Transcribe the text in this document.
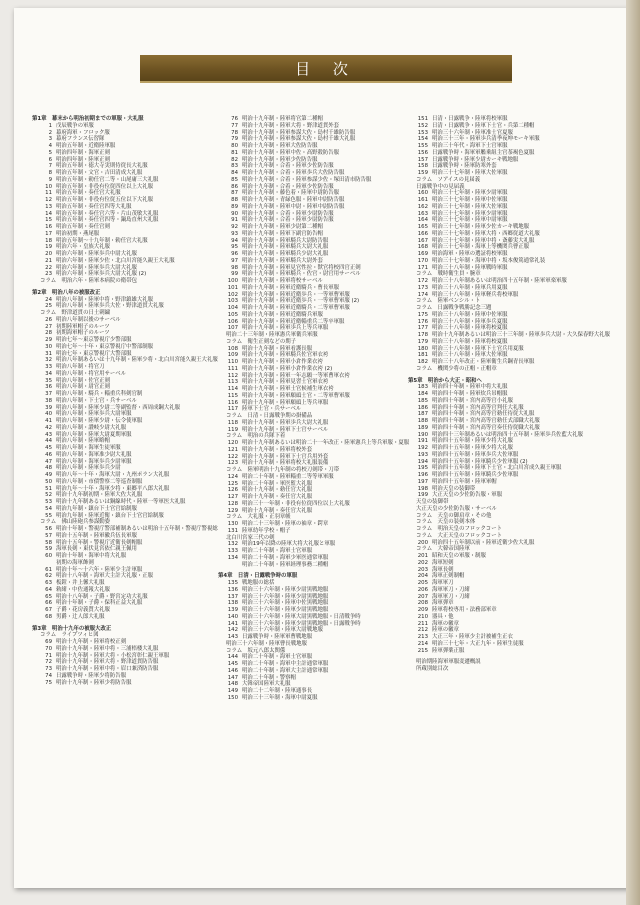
目 次
第1章　幕末から明治初期までの軍服・大礼服
1 戊辰戦争の軍服
2 幕府海軍・フロック服
3 幕府フランス伝習隊
4 明治五年制・近衛陸軍服
5 明治四年制・海軍正剣
6 明治四年制・陸軍正剣
7 明治五年制・徳大寺実則侍従長大礼服
8 明治五年制・文官・吉田清成大礼服
9 明治五年制・勅任官二等・山尾庸三大礼服
10 明治五年制・非役有位従四位以上大礼服
11 明治五年制・奏任官大礼服
12 明治五年制・非役有位従五位以下大礼服
13 明治五年制・奏任官四等大礼服
14 明治五年制・奏任官六等・片山茂敏大礼服
15 明治五年制・奏任官四等・鍋島直州大礼服
16 明治五年制・奏任官剣
17 明治初期・燕尾服
18 明治五年制～十九年制・勅任官大礼服
19 明治六年・皇族大礼服
20 明治六年制・陸軍歩兵中尉大礼服
21 明治六年制・陸軍少佐・北白川宮能久親王大礼服
22 明治六年制・陸軍歩兵大尉大礼服
23 明治六年制・陸軍歩兵大尉大礼服 (2)
コラム　明治六年・陸軍本病院の衛帯包
第2章　明治八年の被服改正
24 明治八年制・陸軍中将・野津鎮雄大礼服
25 明治八年制・陸軍歩兵大佐・野津道貫大礼服
コラム　野津道貫の日土刺繍
26 明治八年制以後のサーベル
27 初期陸軍帽子のルーツ
28 初期海軍帽子のルーツ
29 明治七年～東京警視庁少警部服
30 明治七年～十年・東京警視庁中警部制服
31 明治七年・東京警視庁大警部服
32 明治八年制あるいは十九年制・陸軍少将・北白川宮能久親王大礼服
33 明治八年制・将官刀
34 明治八年制・将官用サーベル
35 明治八年制・佐官正剣
36 明治八年制・尉官正剣
37 明治八年制・騎兵・輜重兵科剣官制
38 明治八年制・下士官・兵サーベル
39 明治八年制・陸軍少尉二等副監督・西周成鋼大礼服
40 明治八年制・陸軍歩兵大尉軍服
41 明治八年制・陸軍少尉・伝令使軍服
42 明治八年制・讃岐少尉大礼服
43 明治八年制・陸軍大尉夏期軍服
44 明治八年制・陸軍略帽
45 明治八年制・海軍生徒軍服
46 明治八年制・海軍准少尉大礼服
47 明治八年制・海軍歩兵少尉軍服
48 明治八年制・陸軍歩兵少尉
49 明治八年～十年・海軍大尉・九州ポラン大礼服
50 明治八年制・市債警察二等巡査制服
51 明治九年～十年・海軍少将・東郷平八郎大礼服
52 明治十九年制初期・陸軍大佐大礼服
53 明治十九年制あるいは銅線時代・陸軍一等軍医大礼服
54 明治九年制・鎮台下士官官給制服
55 明治九年制・陸軍近衛・鎮台下士官官給制服
コラム　佛山陸砲兵参謀動姿
56 明治十年制・警視庁警部補制あるいは明治十五年制・警視庁警視総
57 明治十五年制・陸軍徽兵伍長軍服
58 明治十五年制・警視庁近衛長剣帽服
59 海軍長剣・東伏見宮依仁親王佩用
60 明治十年制・海軍中将大礼服
初期の海軍飾剣
61 明治十年～十六年・陸軍少主計軍服
62 明治十八年制・海軍大主計大礼服・正服
63 板鎧・井上馨大礼服
64 勅緒・中佐通報大礼服
65 明治十八年制・子爵・野宮定功大礼服
66 明治十年制・子爵・保科正益大礼服
67 子爵・花房義質大礼服
68 男爵・辻人郎大礼服
第3章　明治十九年の被服大改正
コラム　ライプツィヒ図
69 明治十九年制・陸軍将校正剣
70 明治十九年制・陸軍中将・三浦梧楼大礼服
71 明治十九年制・陸軍大将・小松宮彰仁親王軍服
72 明治十九年制・陸軍大将・野津道貫防告服
73 明治十九年制・陸軍中将・眉口兼済防告服
74 日露戦争時・陸軍少将防告服
75 明治十九年制・陸軍少将防告服
76 明治十九年制・陸軍将官第二種帽
77 明治十九年制・陸軍大将・野津道貫外套
78 明治十九年制・陸軍参謀大佐・島村千雄防告服
79 明治十九年制・陸軍参謀大佐・島村千雄大礼服
80 明治十九年制・陸軍大佐防告服
81 明治十九年制・陸軍中佐・高野殺防告服
82 明治十九年制・陸軍少佐防告服
83 明治十九年制・合着・陸軍少佐防告服
84 明治十九年制・合着・陸軍歩兵大佐防告服
85 明治十九年制・合着・陸軍参謀少佐・塚田清市防告服
86 明治十九年制・合着・陸軍少佐防告服
87 明治十九年制・藤色着・陸軍中尉防告服
88 明治十九年制・青緑色服・陸軍中尉防告服
89 明治十九年制・陸軍中尉・陸軍中尉防告服
90 明治十九年制・合着・陸軍少尉防告服
91 明治十九年制・合着・陸軍少尉防告服
92 明治十九年制・陸軍少尉第二種帽
93 明治十九年制・陸軍下副官防告帽
94 明治十九年制・陸軍騎兵大尉防告服
95 明治十九年制・陸軍騎兵大尉大礼服
96 明治十九年制・陸軍騎兵少尉大礼服
97 明治十九年制・陸軍騎兵大尉外套
98 明治十九年制・陸軍見官性拉・獣官将校四官正剣
99 明治十九年制・陸軍騎兵・佐官・尉官用サーベル
100 明治十九年制・陸軍将校サーベル
101 明治十九年制・陸軍近衛騎兵・曹長軍服
102 明治十九年制・陸軍近衛歩兵・一等軍曹軍服
103 明治十九年制・陸軍近衛歩兵・一等軍曹軍服 (2)
104 明治十九年制・陸軍近衛騎兵・二等軍曹軍服
105 明治十九年制・陸軍近衛騎兵軍服
106 明治十九年制・陸軍近衛輜重兵二等卒軍服
107 明治十九年制・陸軍歩兵上等兵軍服
明治二十三年制・陸軍憲兵軍衛兵軍服
コラム　衛生正剣などの期子
108 明治十九年制・陸軍看護長服
109 明治十九年制・陸軍騎兵佐官軍衣袴
110 明治十九年制・陸軍小倉作業衣袴
111 明治十九年制・陸軍小倉作業衣袴 (2)
112 明治十九年制・陸軍一年志願一等軍曹軍衣袴
113 明治十九年制・陸軍見習士官軍衣袴
114 明治十九年制・陸軍士官候補生軍衣袴
115 明治十九年制・陸軍願頭士官・二等軍曹軍服
116 明治十九年制・陸軍願頭上等兵軍服
117 陸軍下士官・兵サーベル
コラム　日清・日露戦争期の掛備品
118 明治十九年制・陸軍歩兵大尉大礼服
119 明治十九年制・陸軍下士官サーベル
コラム　明治の兵隊下着
120 明治十九年制あるいは明治二十一年改正・陸軍憲兵上等兵軍服・夏服
121 明治十九年制・陸軍将校外套
122 明治十九年制・陸軍下士官兵用外套
123 明治十九年制・陸軍将校大礼服装備
コラム　陸軍明治十九年制の将校刀剣帯・刀帯
124 明治二十年制・陸軍輜重二等等軍軍服
125 明治二十年制・軍医監大礼服
126 明治十九年制・勅任官大礼服
127 明治十九年制・奏任官大礼服
128 明治三十一年制・非役有位従四位以上大礼服
129 明治十九年制・奏任官大礼服
コラム　大礼服・正羽章帳
130 明治二十三年制・陸軍の袖章・鍔章
131 陸軍幼年学校・帽子
北白川宮家三代の剣
132 明治19年以降の陸軍大将大礼服と軍服
133 明治二十年制・海軍士官軍服
134 明治二十年制・海軍少軍医通常軍服
明治二十年制・陸軍経理事務二種帽
第4章　日清・日露戦争時の軍服
135 戦地服の総括
136 明治三十六年制・陸軍少尉黒戦地服
137 明治三十六年制・陸軍少尉黒戦地服
138 明治三十六年制・陸軍中佐黒戦地服
139 明治三十六年制・陸軍少尉黒戦地服
140 明治三十六年制・陸軍大尉黒戦地服・日清戦争時
141 明治三十六年制・陸軍少尉黒戦地服・日露戦争時
142 明治三十六年制・陸軍大尉戦地服
143 日露戦争時・陸軍軍曹戦地服
明治三十六年制・陸軍曹長戦地服
コラム　坂元八郎太関係
144 明治二十年制・海軍士官軍服
145 明治二十年制・海軍中主計通常軍服
146 明治二十年制・海軍大主計通常軍服
147 明治二十年制・警察帽
148 大韓帝国陸軍大礼服
149 明治二十二年制・陸軍通事長
150 明治三十三年制・海軍中尉夏服
151 日清・日露戦争・陸軍将校軍服
152 日清・日露戦争・陸軍下士官・兵第二種帽
153 明治三十六年制・陸軍准士官夏服
154 明治三十三年・陸軍歩兵清季夜坤モーキ軍服
155 明治三十年代・海軍下士官軍服
156 日露戦争時・海軍軍艦乗組主官茶褐色夏服
157 日露戦争時・陸軍少尉カーキ戦地服
158 日露戦争時・陸軍防寒外套
159 明治三十七年制・陸軍大佐軍服
コラム　ソアイスの見届義
日露戦争中の見届義
160 明治三十七年制・陸軍少尉軍服
161 明治三十七年制・陸軍中佐軍服
162 明治三十七年制・陸軍大佐軍服
163 明治三十七年制・陸軍少尉軍服
164 明治三十七年制・陸軍中尉軍服
165 明治三十七年制・陸軍少佐カーキ戦地服
166 明治三十七年制・陸軍大将・西郷従道大礼服
167 明治三十七年制・陸軍中将・斎藤実大礼服
168 明治三十七年制・海軍上等機関兵曹正服
169 明治海軍・陸軍の選証将校軍服
170 明治三十七年制・海軍中将・坂本俊篤通常礼装
171 明治三十八年制・陸軍戦時軍服
コラム　戦時衛生員・腕章
172 明治三十八年制あるいは明治四十五年制・陸軍軍楽軍服
173 明治三十八年制・陸軍兵用夏服
174 明治三十八年制・陸軍軽兵将校軍服
コラム　陸軍ベンシル・ト
コラム　日露戦争戦勝記念三題
175 明治三十八年制・陸軍中佐軍服
176 明治三十八年制・陸軍歩兵夏服
177 明治三十八年制・陸軍将校夏服
178 明治十九年制あるいは明治三十三年制・陸軍歩兵大尉・大久保春野大礼服
179 明治三十八年制・陸軍将校夏服
180 明治三十八年制・陸軍下士官兵用夏服
181 明治三十八年制・陸軍大佐軍服
182 明治三十八年改正・陸軍衛生兵鋼青長軍服
コラム　機関少将の正帽・正帽章
第5章　明治から大正・昭和へ
183 明治四十年制・陸軍中将大礼服
184 明治四十年制・陸軍炊兵吊帽服
185 明治四十年制・宮内高等官小礼服
186 明治四十年制・宮内高等官判任大礼服
187 明治四十年制・宮内高等官勅任待従大礼服
188 明治四十年制・宮内高等官勅任式部職大礼服
189 明治四十年制・宮内高等官奏任侍従職大礼服
190 明治四十三年制あるいは明治四十五年制・陸軍歩兵佐藍大礼服
191 明治四十五年制・陸軍少将大礼服
192 明治四十五年制・陸軍少将大礼服
193 明治四十五年制・陸軍歩兵大佐軍服
194 明治四十五年制・陸軍騎兵少佐軍服 (2)
195 明治四十五年制・陸軍下士官・北白川宮成久親王軍服
196 明治四十五年制・陸軍騎兵少佐軍服
197 明治四十五年制・陸軍軍帽
198 明治天皇の装御帯
199 大正天皇の少佐防告服・軍服
天皇の装御帯
大正天皇の少佐防告服・サーベル
コラム　天皇の御肩章・その他
コラム　天皇の装剣本体
コラム　明治天皇のフロックコート
コラム　大正天皇のフロックコート
200 明治四十五年制以前・陸軍近衛少佐大礼服
コラム　大韓帝国陸軍
201 昭和天皇の軍服・制服
202 海軍短剣
203 海軍長剣
204 海軍正剣制帽
205 海軍軍刀
206 海軍軍刀・刀緒
207 海軍軍刀・刀緒
208 海軍弾章
209 陸軍将校専用・法務部軍章
210 器具・他
211 海軍の徽章
212 陸軍の徽章
213 大正三年・陸軍少主計被補生正衣
214 明治三十七年・大正九年・陸軍生徒服
215 陸軍弾薬正服
明治期陸海軍軍服変遷概説
所蔵別総目次
